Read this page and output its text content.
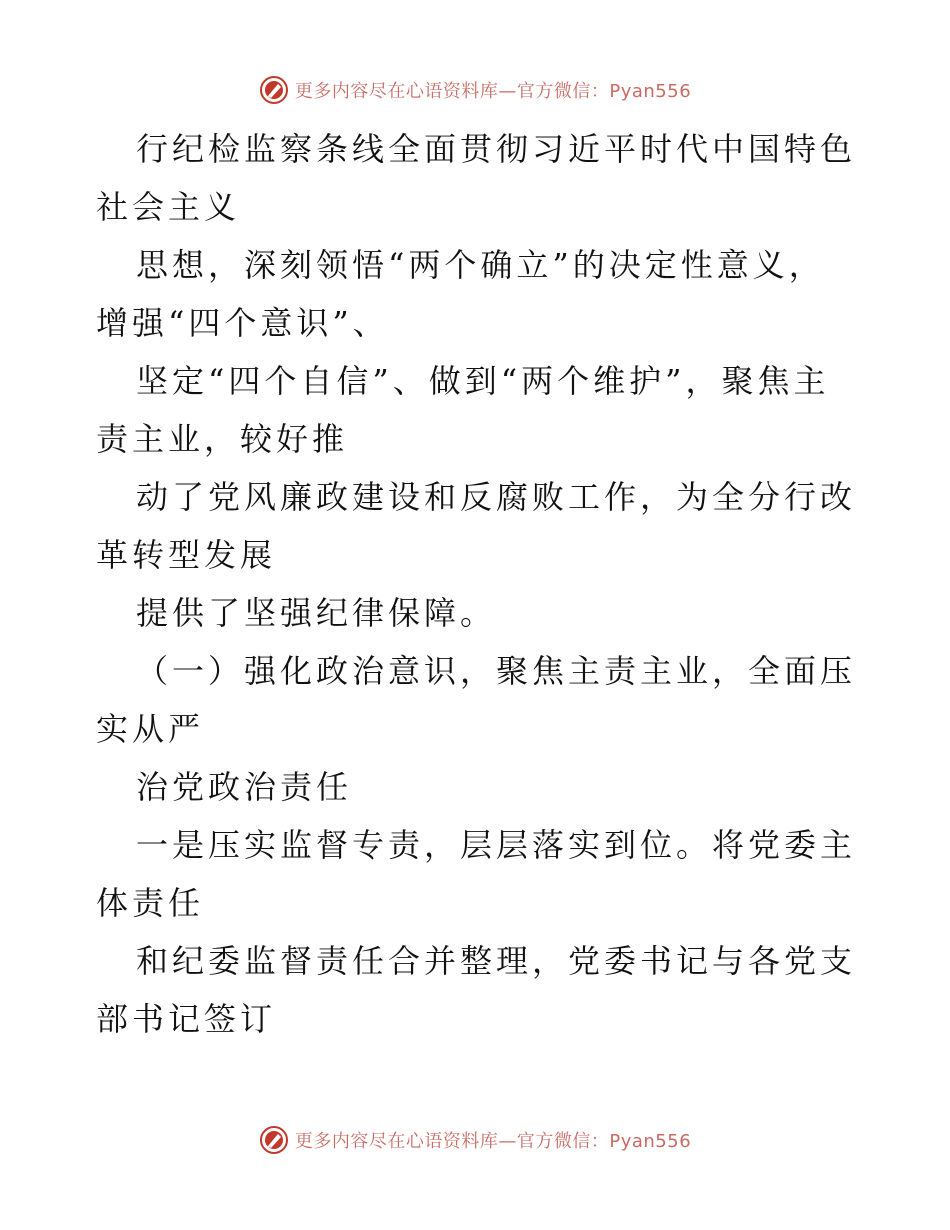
更多内容尽在心语资料库—官方微信：Pyan556

行纪检监察条线全面贯彻习近平时代中国特色社会主义

思想，深刻领悟“两个确立”的决定性意义，增强“四个意识”、

坚定“四个自信”、做到“两个维护”，聚焦主责主业，较好推

动了党风廉政建设和反腐败工作，为全分行改革转型发展

提供了坚强纪律保障。

（一）强化政治意识，聚焦主责主业，全面压实从严

治党政治责任

一是压实监督专责，层层落实到位。将党委主体责任

和纪委监督责任合并整理，党委书记与各党支部书记签订

更多内容尽在心语资料库—官方微信：Pyan556
